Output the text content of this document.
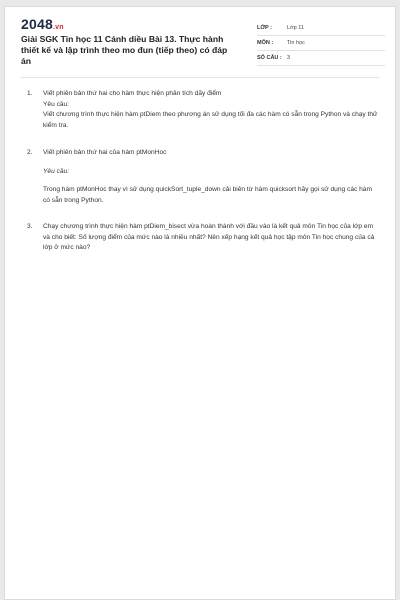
2048.vn
Giải SGK Tin học 11 Cánh diều Bài 13. Thực hành thiết kế và lập trình theo mo đun (tiếp theo) có đáp án
LỚP :	Lớp 11
MÔN :	Tin học
SỐ CÂU : 3
1.	Viết phiên bản thứ hai cho hàm thực hiện phân tích dãy điểm
Yêu cầu:
Viết chương trình thực hiện hàm ptDiem theo phương án sử dụng tối đa các hàm có sẵn trong Python và chạy thử kiểm tra.
2.	Viết phiên bản thứ hai của hàm ptMonHoc
Yêu cầu:
Trong hàm ptMonHoc thay vì sử dụng quickSort_tuple_down cải biên từ hàm quicksort hãy gọi sử dụng các hàm có sẵn trong Python.
3.	Chạy chương trình thực hiện hàm ptDiem_bisect vừa hoàn thành với đầu vào là kết quả môn Tin học của lớp em và cho biết: Số lượng điểm của mức nào là nhiều nhất? Nên xếp hạng kết quả học tập môn Tin học chung của cả lớp ở mức nào?
